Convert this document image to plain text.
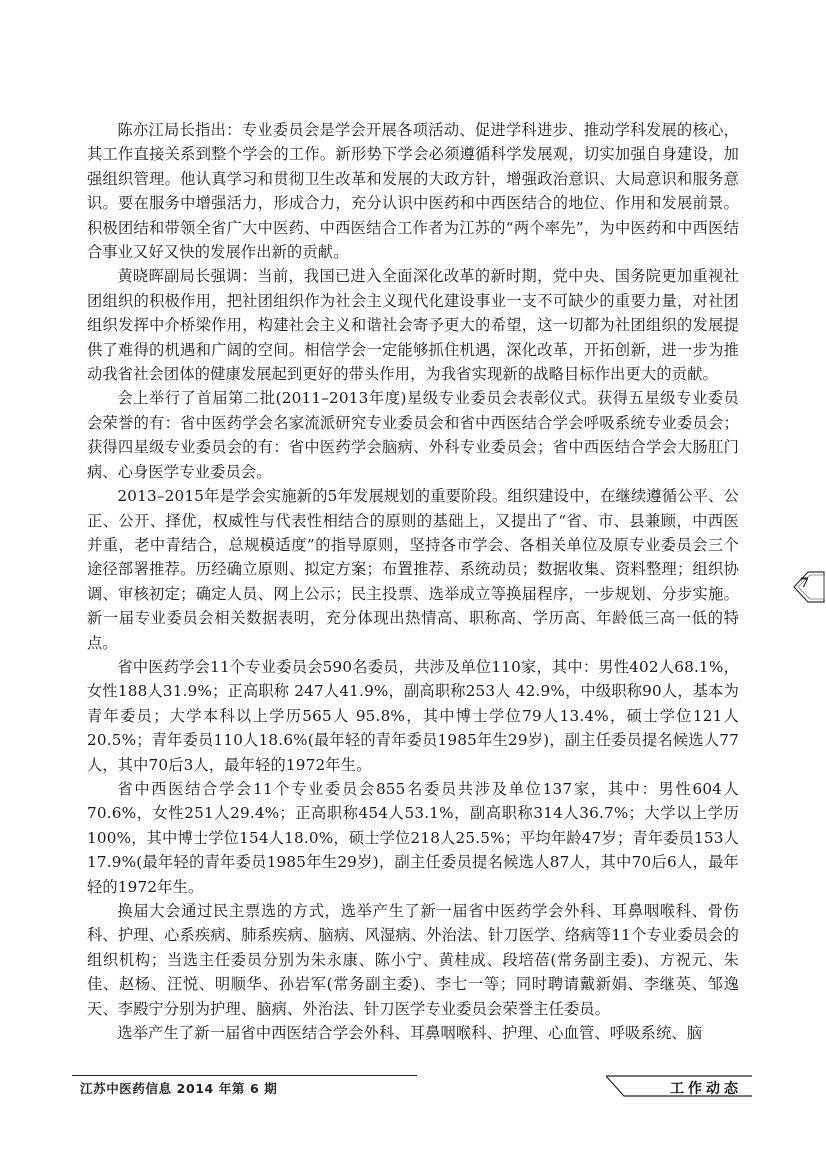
陈亦江局长指出：专业委员会是学会开展各项活动、促进学科进步、推动学科发展的核心，其工作直接关系到整个学会的工作。新形势下学会必须遵循科学发展观，切实加强自身建设，加强组织管理。他认真学习和贯彻卫生改革和发展的大政方针，增强政治意识、大局意识和服务意识。要在服务中增强活力，形成合力，充分认识中医药和中西医结合的地位、作用和发展前景。积极团结和带领全省广大中医药、中西医结合工作者为江苏的“两个率先”，为中医药和中西医结合事业又好又快的发展作出新的贡献。

黄晓晖副局长强调：当前，我国已进入全面深化改革的新时期，党中央、国务院更加重视社团组织的积极作用，把社团组织作为社会主义现代化建设事业一支不可缺少的重要力量，对社团组织发挥中介桥梁作用，构建社会主义和谐社会寄予更大的希望，这一切都为社团组织的发展提供了难得的机遇和广阔的空间。相信学会一定能够抓住机遇，深化改革，开拓创新，进一步为推动我省社会团体的健康发展起到更好的带头作用，为我省实现新的战略目标作出更大的贡献。

会上举行了首届第二批(2011–2013年度)星级专业委员会表彰仪式。获得五星级专业委员会荣誉的有：省中医药学会名家流派研究专业委员会和省中西医结合学会呼吸系统专业委员会；获得四星级专业委员会的有：省中医药学会脑病、外科专业委员会；省中西医结合学会大肠肛门病、心身医学专业委员会。

2013–2015年是学会实施新的5年发展规划的重要阶段。组织建设中，在继续遵循公平、公正、公开、择优，权威性与代表性相结合的原则的基础上，又提出了“省、市、县兼顾，中西医并重，老中青结合，总规模适度”的指导原则，坚持各市学会、各相关单位及原专业委员会三个途径部署推荐。历经确立原则、拟定方案；布置推荐、系统动员；数据收集、资料整理；组织协调、审核初定；确定人员、网上公示；民主投票、选举成立等换届程序，一步规划、分步实施。新一届专业委员会相关数据表明，充分体现出热情高、职称高、学历高、年龄低三高一低的特点。

省中医药学会11个专业委员会590名委员，共涉及单位110家，其中：男性402人68.1%，女性188人31.9%；正高职称 247人41.9%，副高职称253人 42.9%，中级职称90人，基本为青年委员；大学本科以上学历565人 95.8%，其中博士学位79人13.4%，硕士学位121人20.5%；青年委员110人18.6%(最年轻的青年委员1985年生29岁)，副主任委员提名候选人77人，其中70后3人，最年轻的1972年生。

省中西医结合学会11个专业委员会855名委员共涉及单位137家，其中：男性604人70.6%，女性251人29.4%；正高职称454人53.1%，副高职称314人36.7%；大学以上学历100%，其中博士学位154人18.0%，硕士学位218人25.5%；平均年龄47岁；青年委员153人17.9%(最年轻的青年委员1985年生29岁)，副主任委员提名候选人87人，其中70后6人，最年轻的1972年生。

换届大会通过民主票选的方式，选举产生了新一届省中医药学会外科、耳鼻咽喉科、骨伤科、护理、心系疾病、肺系疾病、脑病、风湿病、外治法、针刀医学、络病等11个专业委员会的组织机构；当选主任委员分别为朱永康、陈小宁、黄桂成、段培蓓(常务副主委)、方祝元、朱佳、赵杨、汪悦、明顺华、孙岩军(常务副主委)、李七一等；同时聘请戴新娟、李继英、邹逸天、李殿宁分别为护理、脑病、外治法、针刀医学专业委员会荣誉主任委员。

选举产生了新一届省中西医结合学会外科、耳鼻咽喉科、护理、心血管、呼吸系统、脑

7
江苏中医药信息 2014 年第 6 期	工作动态
